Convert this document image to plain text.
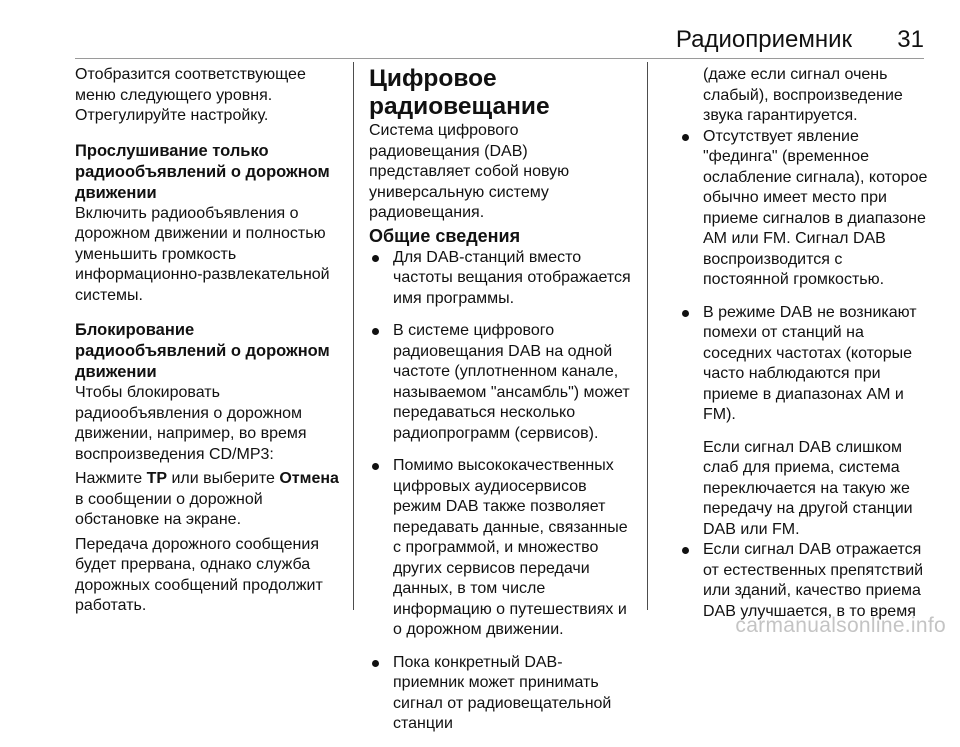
Радиоприемник 31

Отобразится соответствующее меню следующего уровня. Отрегулируйте настройку.

Прослушивание только радиообъявлений о дорожном движении

Включить радиообъявления о дорожном движении и полностью уменьшить громкость информационно-развлекательной системы.

Блокирование радиообъявлений о дорожном движении

Чтобы блокировать радиообъявления о дорожном движении, например, во время воспроизведения CD/MP3:

Нажмите TP или выберите Отмена в сообщении о дорожной обстановке на экране.

Передача дорожного сообщения будет прервана, однако служба дорожных сообщений продолжит работать.

Цифровое радиовещание

Система цифрового радиовещания (DAB) представляет собой новую универсальную систему радиовещания.

Общие сведения

Для DAB-станций вместо частоты вещания отображается имя программы.
В системе цифрового радиовещания DAB на одной частоте (уплотненном канале, называемом "ансамбль") может передаваться несколько радиопрограмм (сервисов).
Помимо высококачественных цифровых аудиосервисов режим DAB также позволяет передавать данные, связанные с программой, и множество других сервисов передачи данных, в том числе информацию о путешествиях и о дорожном движении.
Пока конкретный DAB-приемник может принимать сигнал от радиовещательной станции

(даже если сигнал очень слабый), воспроизведение звука гарантируется.

Отсутствует явление "фединга" (временное ослабление сигнала), которое обычно имеет место при приеме сигналов в диапазоне AM или FM. Сигнал DAB воспроизводится с постоянной громкостью.
В режиме DAB не возникают помехи от станций на соседних частотах (которые часто наблюдаются при приеме в диапазонах AM и FM).

Если сигнал DAB слишком слаб для приема, система переключается на такую же передачу на другой станции DAB или FM.

Если сигнал DAB отражается от естественных препятствий или зданий, качество приема DAB улучшается, в то время
carmanualsonline.info
